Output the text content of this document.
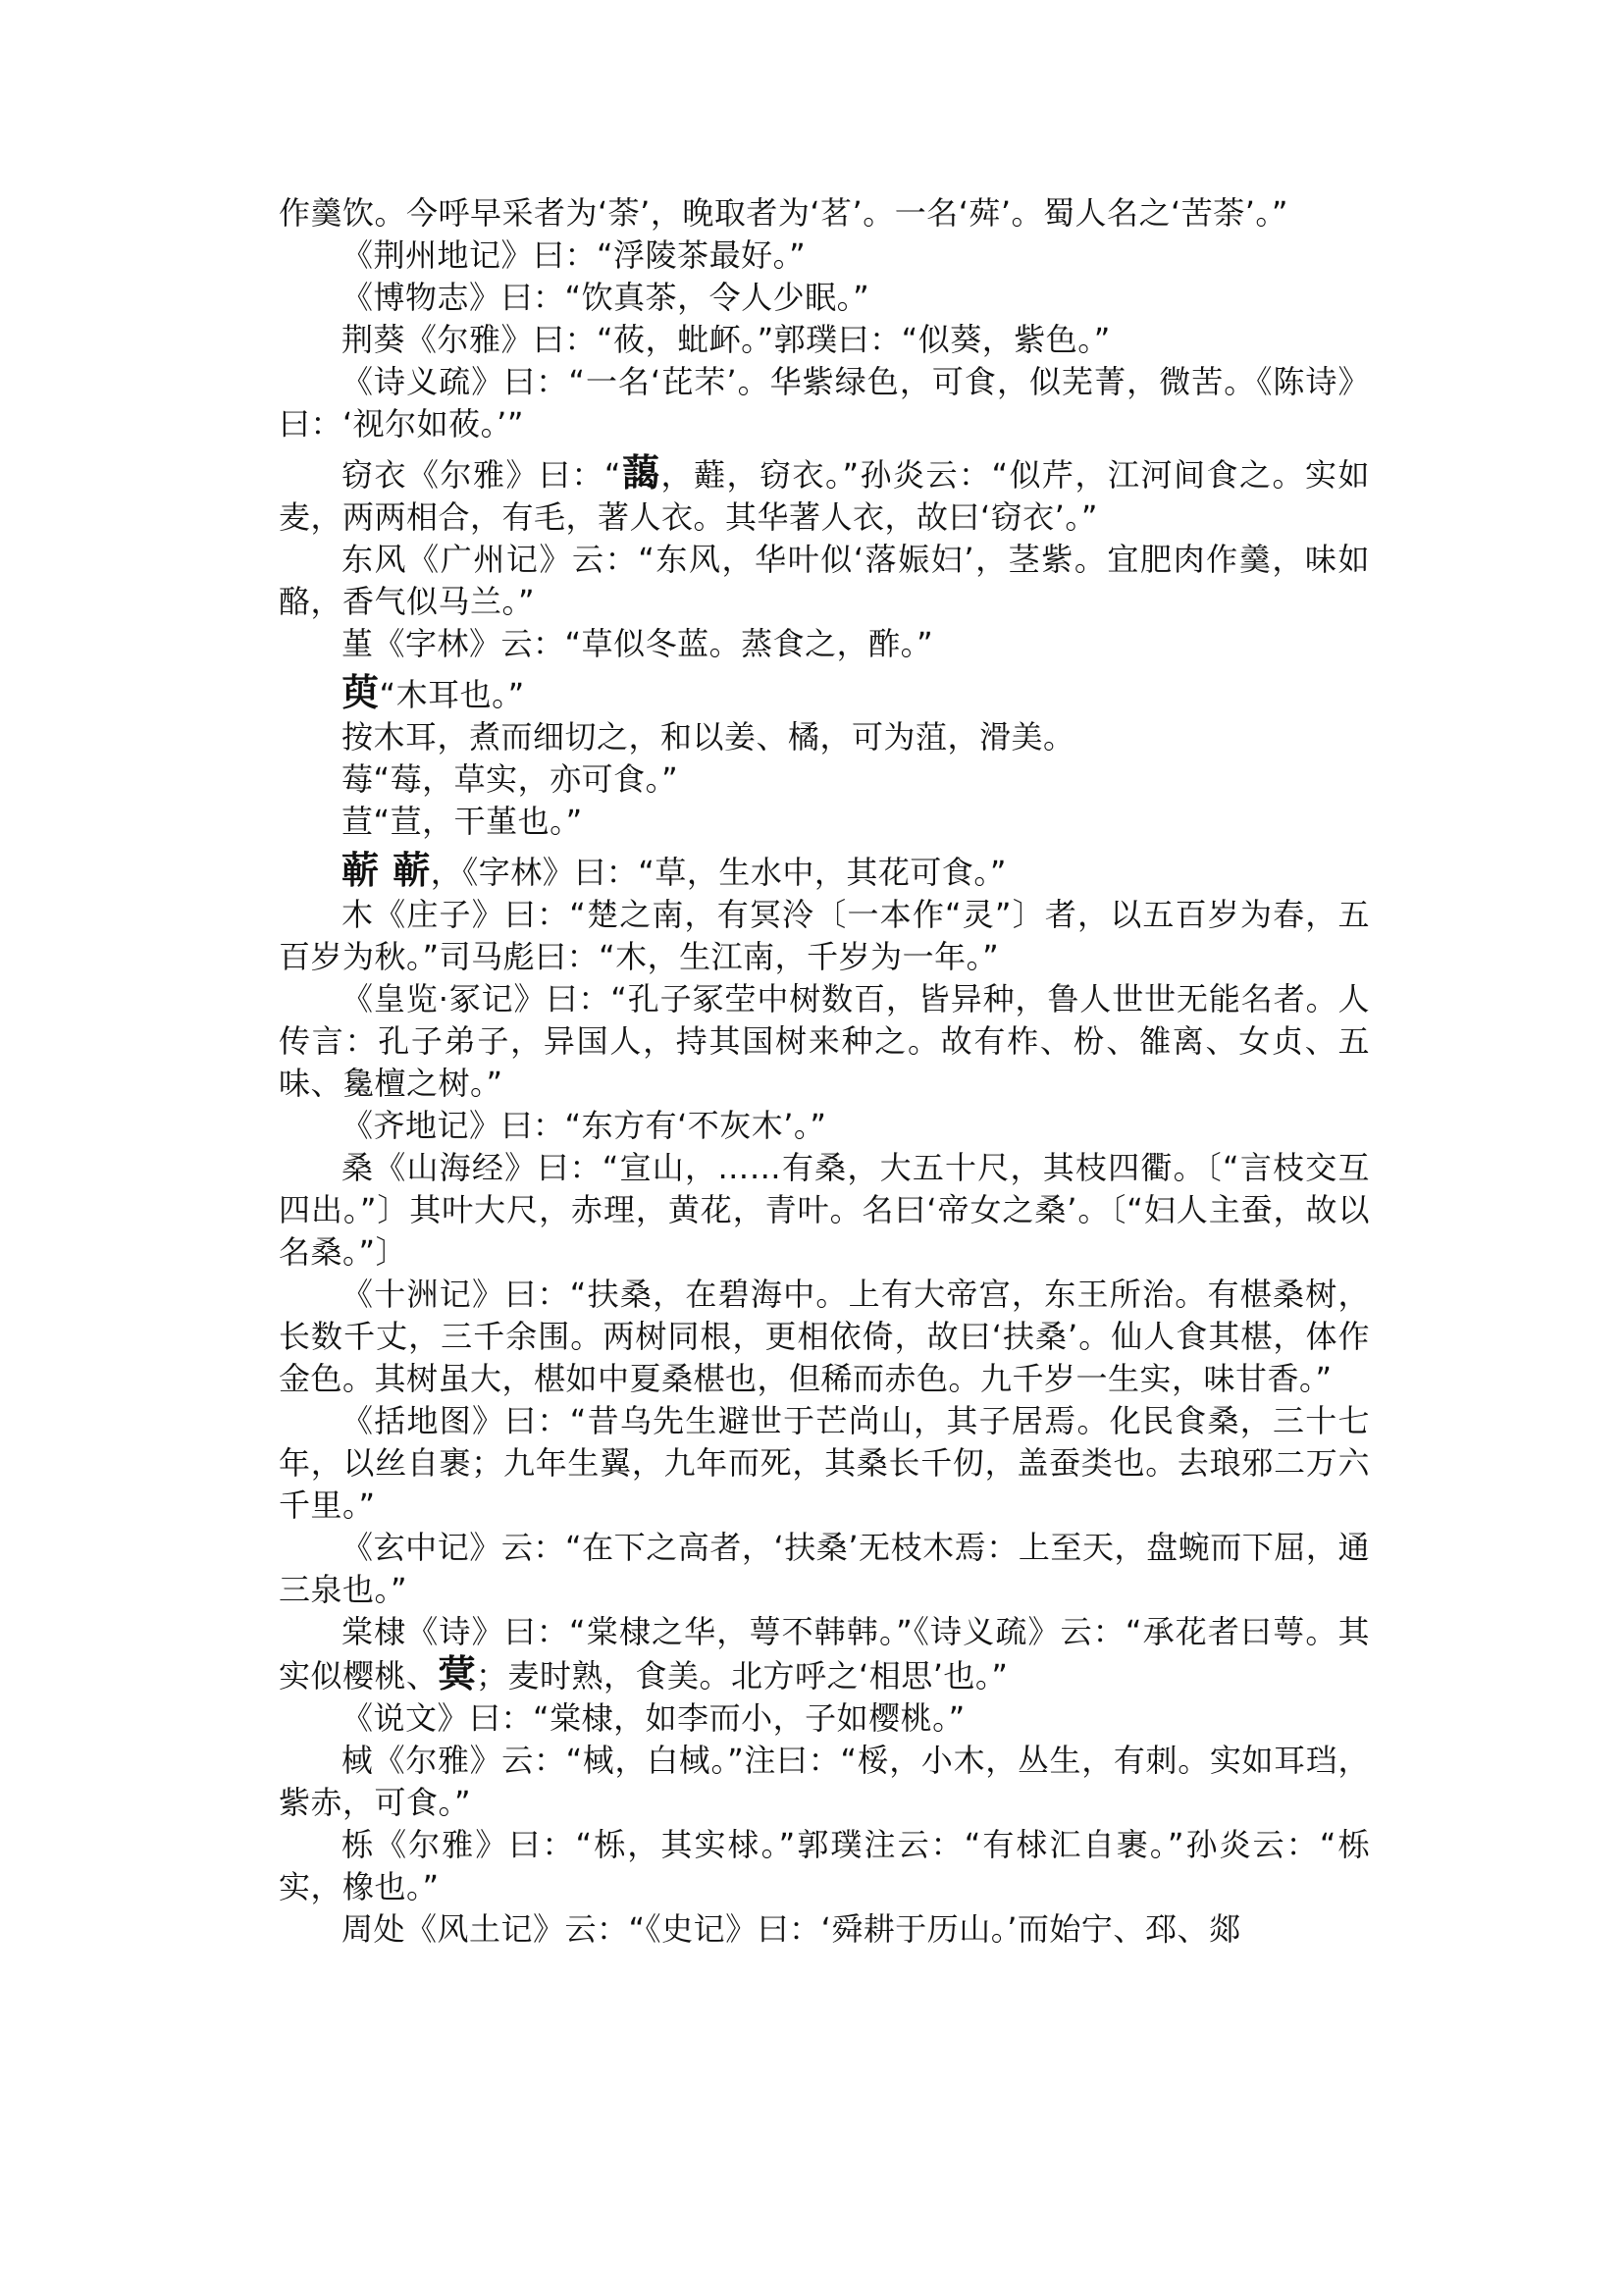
作羹饮。今呼早采者为‘荼’，晚取者为‘茗’。一名‘荈’。蜀人名之‘苦荼’。”

《荆州地记》曰：“浮陵茶最好。”

《博物志》曰：“饮真茶，令人少眠。”

荆葵《尔雅》曰：“莜，蚍衃。”郭璞曰：“似葵，紫色。”

《诗义疏》曰：“一名‘芘芣’。华紫绿色，可食，似芜菁，微苦。《陈诗》曰：‘视尔如莜。’”

窃衣《尔雅》曰：“藹，蘳，窃衣。”孙炎云：“似芹，江河间食之。实如麦，两两相合，有毛，著人衣。其华著人衣，故曰‘窃衣’。”

东风《广州记》云：“东风，华叶似‘落娠妇’，茎紫。宜肥肉作羹，味如酪，香气似马兰。”

堇《字林》云：“草似冬蓝。蒸食之，酢。”

萸“木耳也。”

按木耳，煮而细切之，和以姜、橘，可为菹，滑美。

莓“莓，草实，亦可食。”

荁“荁，干堇也。”

蕲 蕲，《字林》曰：“草，生水中，其花可食。”

木《庄子》曰：“楚之南，有冥泠〔一本作“灵”〕者，以五百岁为春，五百岁为秋。”司马彪曰：“木，生江南，千岁为一年。”

《皇览·冢记》曰：“孔子冢茔中树数百，皆异种，鲁人世世无能名者。人传言：孔子弟子，异国人，持其国树来种之。故有柞、枌、雒离、女贞、五味、毚檀之树。”

《齐地记》曰：“东方有‘不灰木’。”

桑《山海经》曰：“宣山，……有桑，大五十尺，其枝四衢。〔“言枝交互四出。”〕其叶大尺，赤理，黄花，青叶。名曰‘帝女之桑’。〔“妇人主蚕，故以名桑。”〕

《十洲记》曰：“扶桑，在碧海中。上有大帝宫，东王所治。有椹桑树，长数千丈，三千余围。两树同根，更相依倚，故曰‘扶桑’。仙人食其椹，体作金色。其树虽大，椹如中夏桑椹也，但稀而赤色。九千岁一生实，味甘香。”

《括地图》曰：“昔乌先生避世于芒尚山，其子居焉。化民食桑，三十七年，以丝自裹；九年生翼，九年而死，其桑长千仞，盖蚕类也。去琅邪二万六千里。”

《玄中记》云：“在下之高者，‘扶桑’无枝木焉：上至天，盘蜿而下屈，通三泉也。”

棠棣《诗》曰：“棠棣之华，萼不韩韩。”《诗义疏》云：“承花者曰萼。其实似樱桃、蓂；麦时熟，食美。北方呼之‘相思’也。”

《说文》曰：“棠棣，如李而小，子如樱桃。”

棫《尔雅》云：“棫，白棫。”注曰：“桵，小木，丛生，有刺。实如耳珰，紫赤，可食。”

栎《尔雅》曰：“栎，其实梂。”郭璞注云：“有梂汇自裹。”孙炎云：“栎实，橡也。”

周处《风土记》云：“《史记》曰：‘舜耕于历山。’而始宁、邳、郯
